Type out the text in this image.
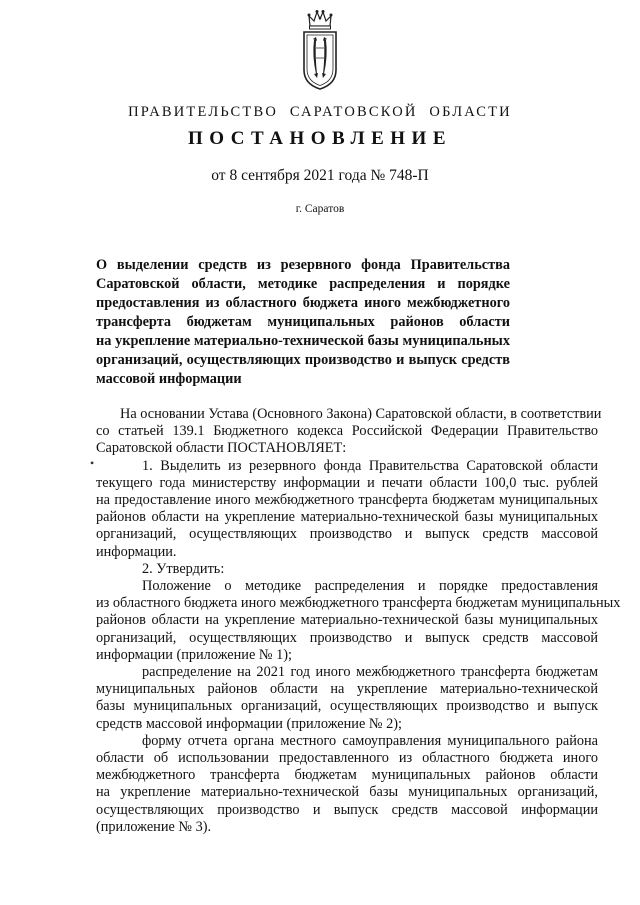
ПРАВИТЕЛЬСТВО САРАТОВСКОЙ ОБЛАСТИ
ПОСТАНОВЛЕНИЕ
от 8 сентября 2021 года № 748-П
г. Саратов
О выделении средств из резервного фонда Правительства
Саратовской области, методике распределения и порядке
предоставления из областного бюджета иного межбюджетного
трансферта бюджетам муниципальных районов области
на укрепление материально-технической базы муниципальных
организаций, осуществляющих производство и выпуск средств
массовой информации
•

На основании Устава (Основного Закона) Саратовской области, в соответствии
со статьей 139.1 Бюджетного кодекса Российской Федерации Правительство
Саратовской области ПОСТАНОВЛЯЕТ:

1. Выделить из резервного фонда Правительства Саратовской области
текущего года министерству информации и печати области 100,0 тыс. рублей
на предоставление иного межбюджетного трансферта бюджетам муниципальных
районов области на укрепление материально-технической базы муниципальных
организаций, осуществляющих производство и выпуск средств массовой
информации.

2. Утвердить:

Положение о методике распределения и порядке предоставления
из областного бюджета иного межбюджетного трансферта бюджетам муниципальных
районов области на укрепление материально-технической базы муниципальных
организаций, осуществляющих производство и выпуск средств массовой
информации (приложение № 1);

распределение на 2021 год иного межбюджетного трансферта бюджетам
муниципальных районов области на укрепление материально-технической
базы муниципальных организаций, осуществляющих производство и выпуск
средств массовой информации (приложение № 2);

форму отчета органа местного самоуправления муниципального района
области об использовании предоставленного из областного бюджета иного
межбюджетного трансферта бюджетам муниципальных районов области
на укрепление материально-технической базы муниципальных организаций,
осуществляющих производство и выпуск средств массовой информации
(приложение № 3).
